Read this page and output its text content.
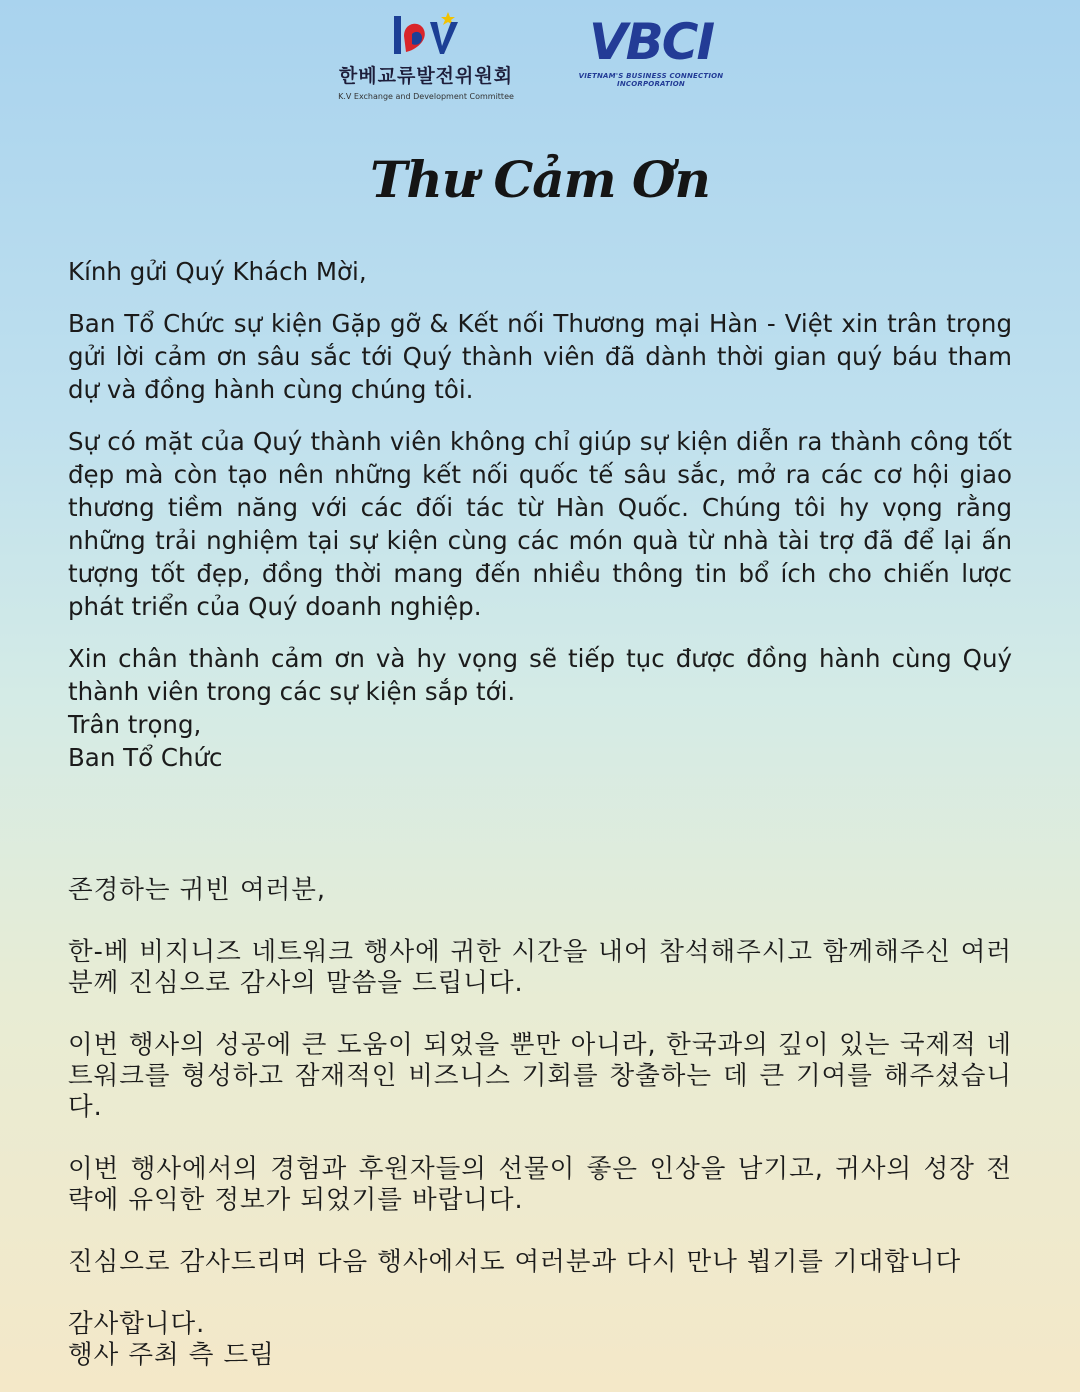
한베교류발전위원회
K.V Exchange and Development Committee
VBCI
VIETNAM'S BUSINESS CONNECTION INCORPORATION
Thư Cảm Ơn

Kính gửi Quý Khách Mời,

Ban Tổ Chức sự kiện Gặp gỡ & Kết nối Thương mại Hàn - Việt xin trân trọng gửi lời cảm ơn sâu sắc tới Quý thành viên đã dành thời gian quý báu tham dự và đồng hành cùng chúng tôi.

Sự có mặt của Quý thành viên không chỉ giúp sự kiện diễn ra thành công tốt đẹp mà còn tạo nên những kết nối quốc tế sâu sắc, mở ra các cơ hội giao thương tiềm năng với các đối tác từ Hàn Quốc. Chúng tôi hy vọng rằng những trải nghiệm tại sự kiện cùng các món quà từ nhà tài trợ đã để lại ấn tượng tốt đẹp, đồng thời mang đến nhiều thông tin bổ ích cho chiến lược phát triển của Quý doanh nghiệp.

Xin chân thành cảm ơn và hy vọng sẽ tiếp tục được đồng hành cùng Quý thành viên trong các sự kiện sắp tới.

Trân trọng,

Ban Tổ Chức

존경하는 귀빈 여러분,

한-베 비지니즈 네트워크 행사에 귀한 시간을 내어 참석해주시고 함께해주신 여러분께 진심으로 감사의 말씀을 드립니다.

이번 행사의 성공에 큰 도움이 되었을 뿐만 아니라, 한국과의 깊이 있는 국제적 네트워크를 형성하고 잠재적인 비즈니스 기회를 창출하는 데 큰 기여를 해주셨습니다.

이번 행사에서의 경험과 후원자들의 선물이 좋은 인상을 남기고, 귀사의 성장 전략에 유익한 정보가 되었기를 바랍니다.

진심으로 감사드리며 다음 행사에서도 여러분과 다시 만나 뵙기를 기대합니다

감사합니다.

행사 주최 측 드림
